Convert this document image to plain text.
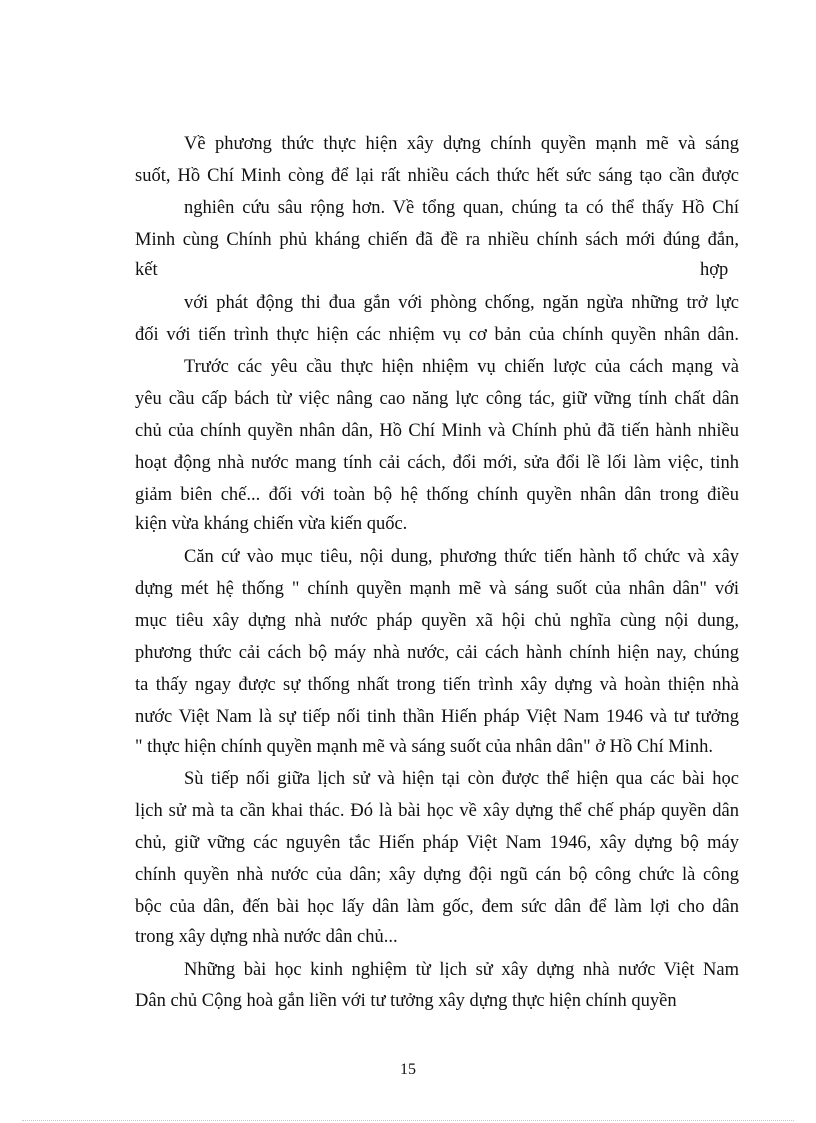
Về phương thức thực hiện xây dựng chính quyền mạnh mẽ và sáng
suốt, Hồ Chí Minh còng để lại rất nhiều cách thức hết sức sáng tạo cần được
nghiên cứu sâu rộng hơn. Về tổng quan, chúng ta có thể thấy Hồ Chí
Minh cùng Chính phủ kháng chiến đã đề ra nhiều chính sách mới đúng đắn,
kết	hợp
với phát động thi đua gắn với phòng chống, ngăn ngừa những trở lực
đối với tiến trình thực hiện các nhiệm vụ cơ bản của chính quyền nhân dân.
Trước các yêu cầu thực hiện nhiệm vụ chiến lược của cách mạng và
yêu cầu cấp bách từ việc nâng cao năng lực công tác, giữ vững tính chất dân
chủ của chính quyền nhân dân, Hồ Chí Minh và Chính phủ đã tiến hành nhiều
hoạt động nhà nước mang tính cải cách, đổi mới, sửa đổi lề lối làm việc, tinh
giảm biên chế... đối với toàn bộ hệ thống chính quyền nhân dân trong điều
kiện vừa kháng chiến vừa kiến quốc.
Căn cứ vào mục tiêu, nội dung, phương thức tiến hành tổ chức và xây
dựng mét hệ thống " chính quyền mạnh mẽ và sáng suốt của nhân dân" với
mục tiêu xây dựng nhà nước pháp quyền xã hội chủ nghĩa cùng nội dung,
phương thức cải cách bộ máy nhà nước, cải cách hành chính hiện nay, chúng
ta thấy ngay được sự thống nhất trong tiến trình xây dựng và hoàn thiện nhà
nước Việt Nam là sự tiếp nối tinh thần Hiến pháp Việt Nam 1946 và tư tưởng
" thực hiện chính quyền mạnh mẽ và sáng suốt của nhân dân" ở Hồ Chí Minh.
Sù tiếp nối giữa lịch sử và hiện tại còn được thể hiện qua các bài học
lịch sử mà ta cần khai thác. Đó là bài học về xây dựng thể chế pháp quyền dân
chủ, giữ vững các nguyên tắc Hiến pháp Việt Nam 1946, xây dựng bộ máy
chính quyền nhà nước của dân; xây dựng đội ngũ cán bộ công chức là công
bộc của dân, đến bài học lấy dân làm gốc, đem sức dân để làm lợi cho dân
trong xây dựng nhà nước dân chủ...
Những bài học kinh nghiệm từ lịch sử xây dựng nhà nước Việt Nam
Dân chủ Cộng hoà gắn liền với tư tưởng xây dựng thực hiện chính quyền
15
